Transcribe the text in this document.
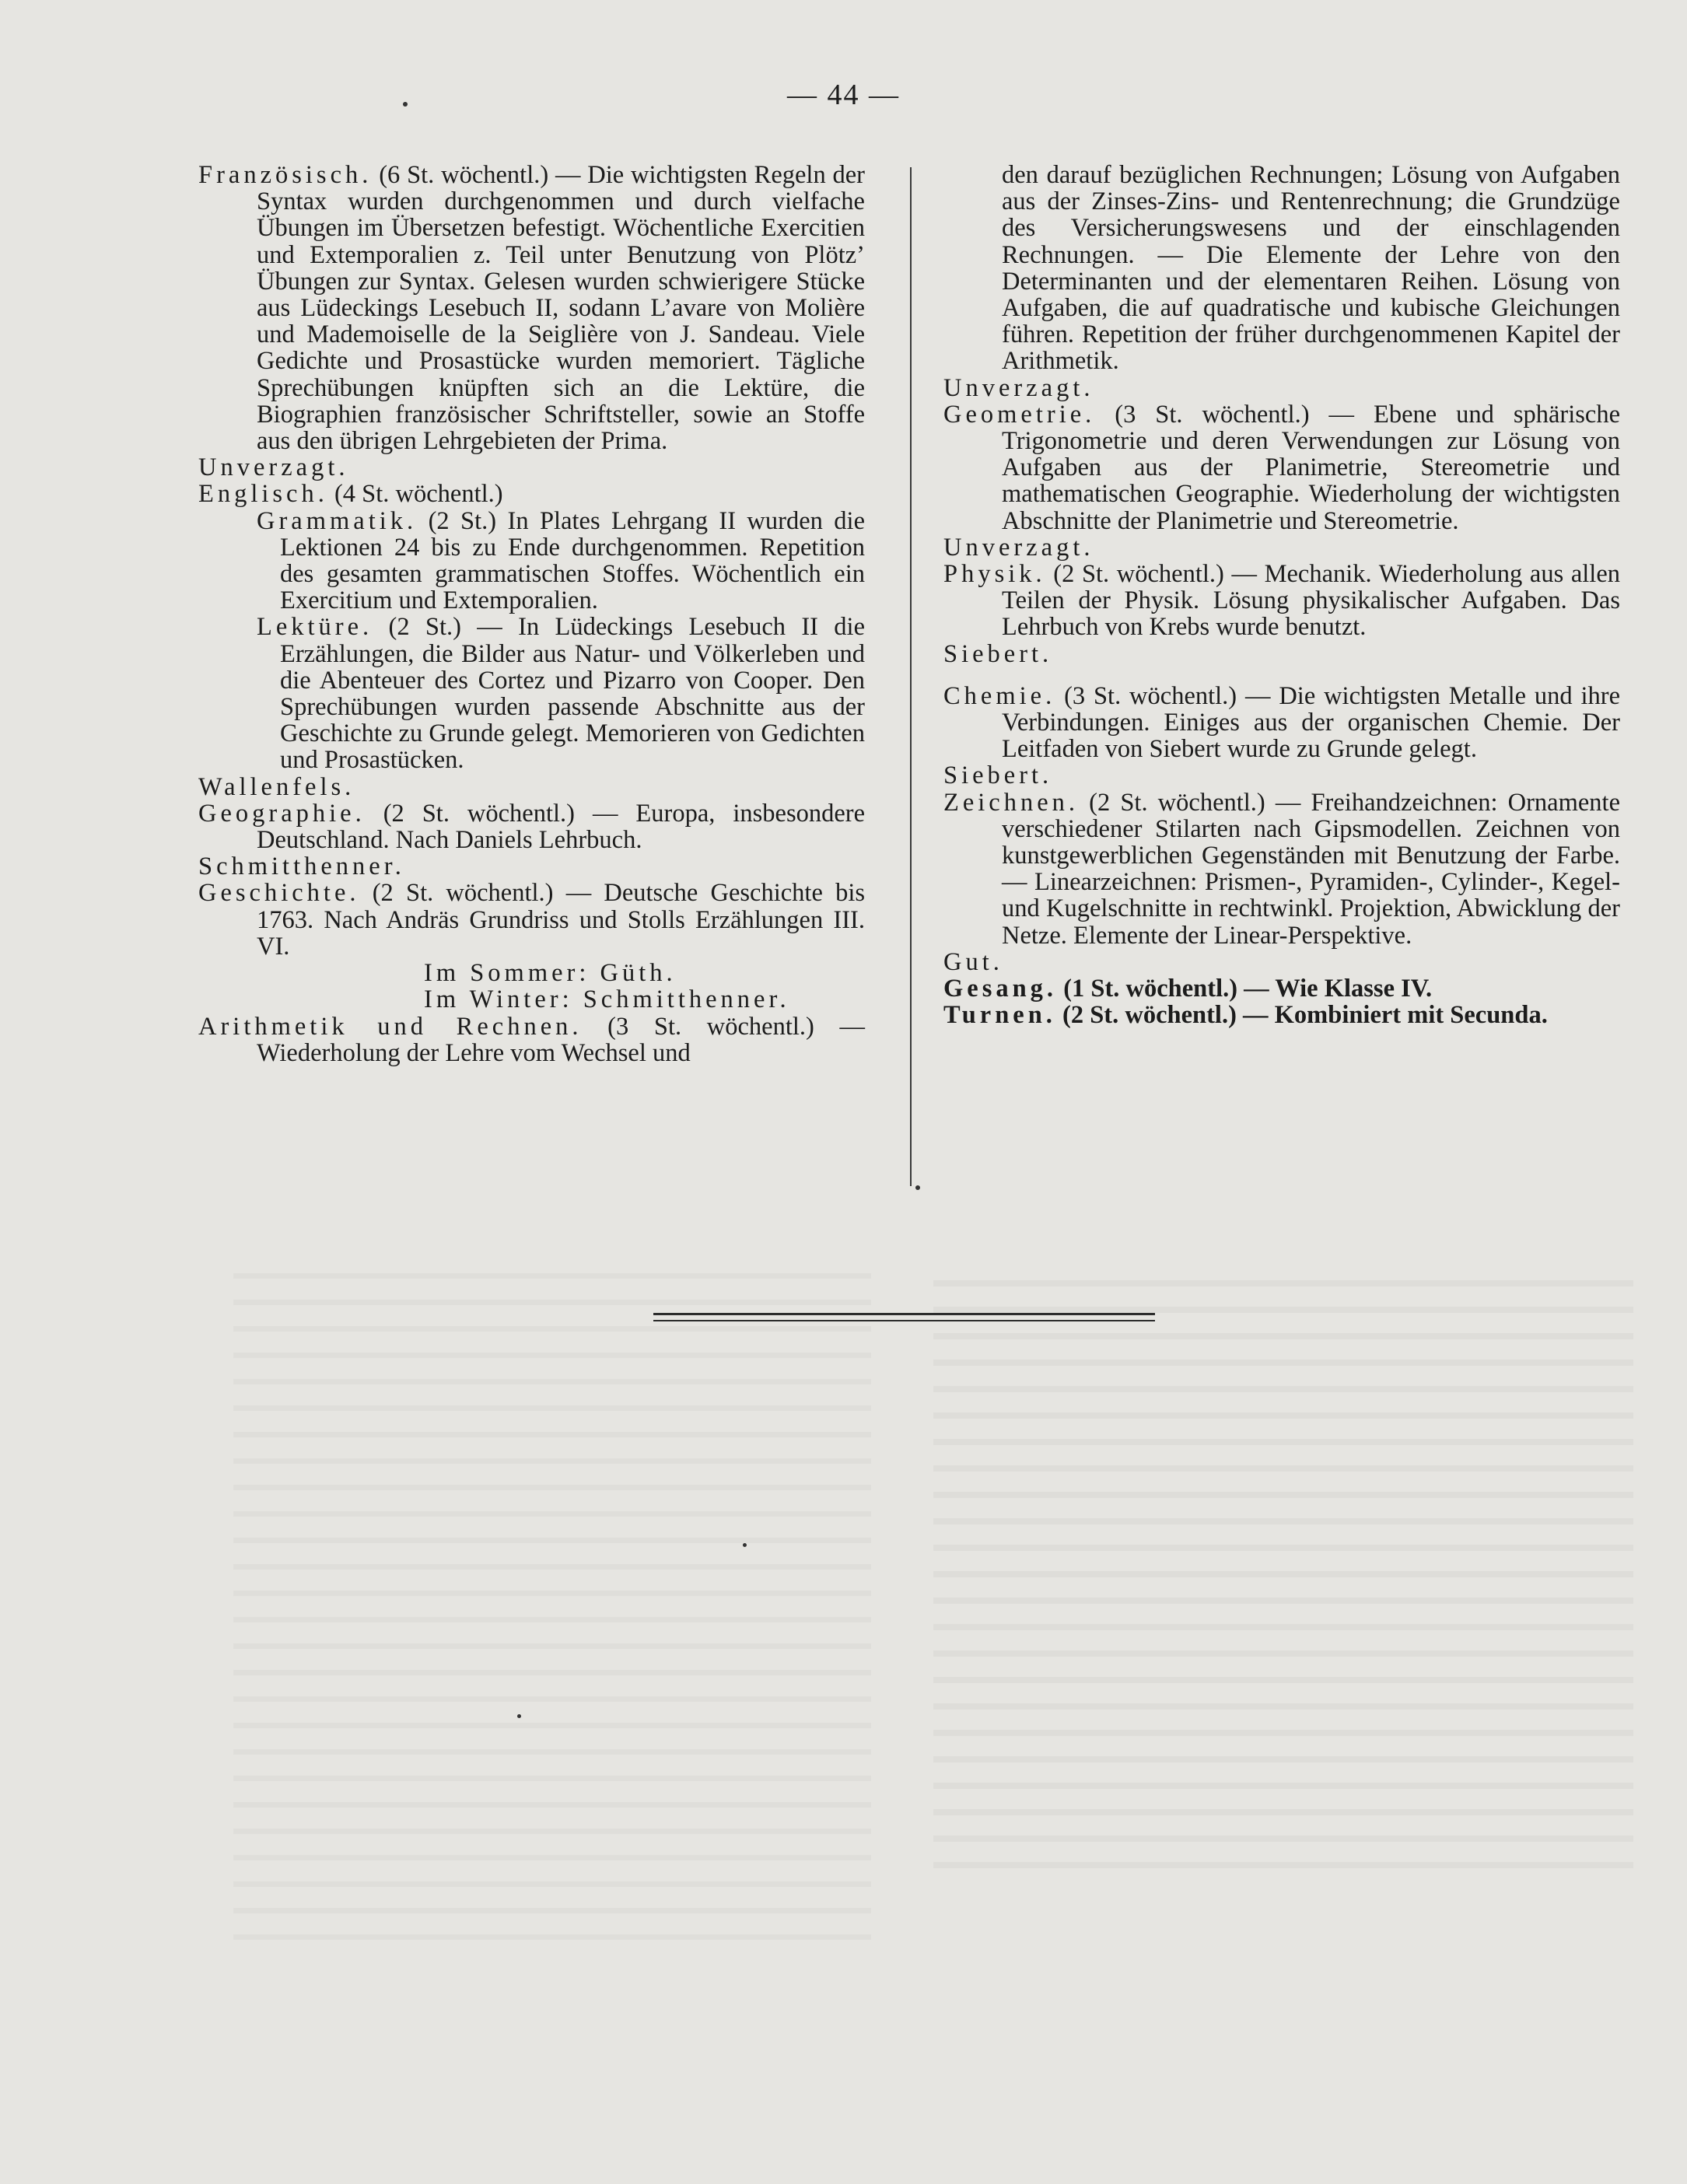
— 44 —

Französisch. (6 St. wöchentl.) — Die wichtigsten Regeln der Syntax wurden durchgenommen und durch vielfache Übungen im Übersetzen befestigt. Wöchentliche Exercitien und Extemporalien z. Teil unter Benutzung von Plötz’ Übungen zur Syntax. Gelesen wurden schwierigere Stücke aus Lüdeckings Lesebuch II, sodann L’avare von Molière und Mademoiselle de la Seiglière von J. Sandeau. Viele Gedichte und Prosastücke wurden memoriert. Tägliche Sprechübungen knüpften sich an die Lektüre, die Biographien französischer Schriftsteller, sowie an Stoffe aus den übrigen Lehrgebieten der Prima.

Unverzagt.

Englisch. (4 St. wöchentl.)

Grammatik. (2 St.) In Plates Lehrgang II wurden die Lektionen 24 bis zu Ende durchgenommen. Repetition des gesamten grammatischen Stoffes. Wöchentlich ein Exercitium und Extemporalien.

Lektüre. (2 St.) — In Lüdeckings Lesebuch II die Erzählungen, die Bilder aus Natur- und Völkerleben und die Abenteuer des Cortez und Pizarro von Cooper. Den Sprechübungen wurden passende Abschnitte aus der Geschichte zu Grunde gelegt. Memorieren von Gedichten und Prosastücken.

Wallenfels.

Geographie. (2 St. wöchentl.) — Europa, insbesondere Deutschland. Nach Daniels Lehrbuch.

Schmitthenner.

Geschichte. (2 St. wöchentl.) — Deutsche Geschichte bis 1763. Nach Andräs Grundriss und Stolls Erzählungen III. VI.

Im Sommer: Güth.

Im Winter: Schmitthenner.

Arithmetik und Rechnen. (3 St. wöchentl.) — Wiederholung der Lehre vom Wechsel und

den darauf bezüglichen Rechnungen; Lösung von Aufgaben aus der Zinses-Zins- und Rentenrechnung; die Grundzüge des Versicherungswesens und der einschlagenden Rechnungen. — Die Elemente der Lehre von den Determinanten und der elementaren Reihen. Lösung von Aufgaben, die auf quadratische und kubische Gleichungen führen. Repetition der früher durchgenommenen Kapitel der Arithmetik.

Unverzagt.

Geometrie. (3 St. wöchentl.) — Ebene und sphärische Trigonometrie und deren Verwendungen zur Lösung von Aufgaben aus der Planimetrie, Stereometrie und mathematischen Geographie. Wiederholung der wichtigsten Abschnitte der Planimetrie und Stereometrie.

Unverzagt.

Physik. (2 St. wöchentl.) — Mechanik. Wiederholung aus allen Teilen der Physik. Lösung physikalischer Aufgaben. Das Lehrbuch von Krebs wurde benutzt.

Siebert.

Chemie. (3 St. wöchentl.) — Die wichtigsten Metalle und ihre Verbindungen. Einiges aus der organischen Chemie. Der Leitfaden von Siebert wurde zu Grunde gelegt.

Siebert.

Zeichnen. (2 St. wöchentl.) — Freihandzeichnen: Ornamente verschiedener Stilarten nach Gipsmodellen. Zeichnen von kunstgewerblichen Gegenständen mit Benutzung der Farbe. — Linearzeichnen: Prismen-, Pyramiden-, Cylinder-, Kegel- und Kugelschnitte in rechtwinkl. Projektion, Abwicklung der Netze. Elemente der Linear-Perspektive.

Gut.

Gesang. (1 St. wöchentl.) — Wie Klasse IV.

Turnen. (2 St. wöchentl.) — Kombiniert mit Secunda.
